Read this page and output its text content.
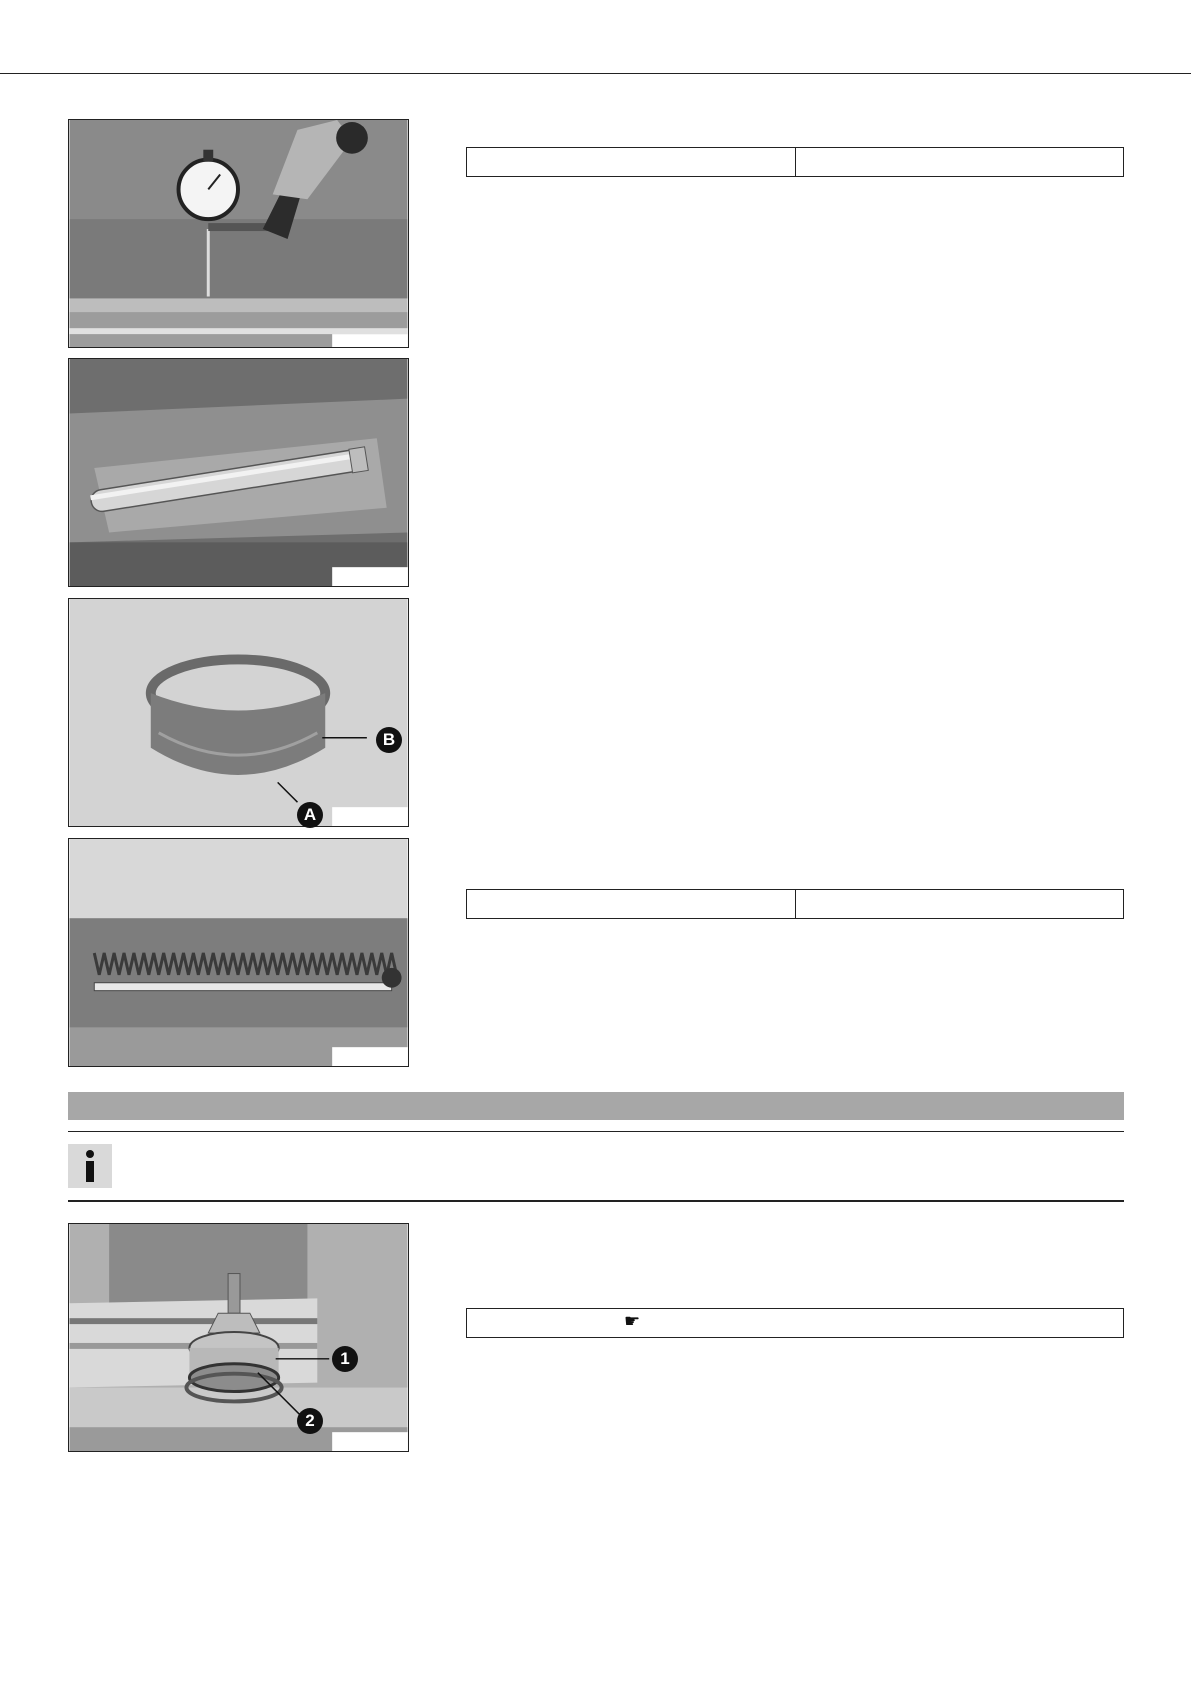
B
A
1
2
☛
